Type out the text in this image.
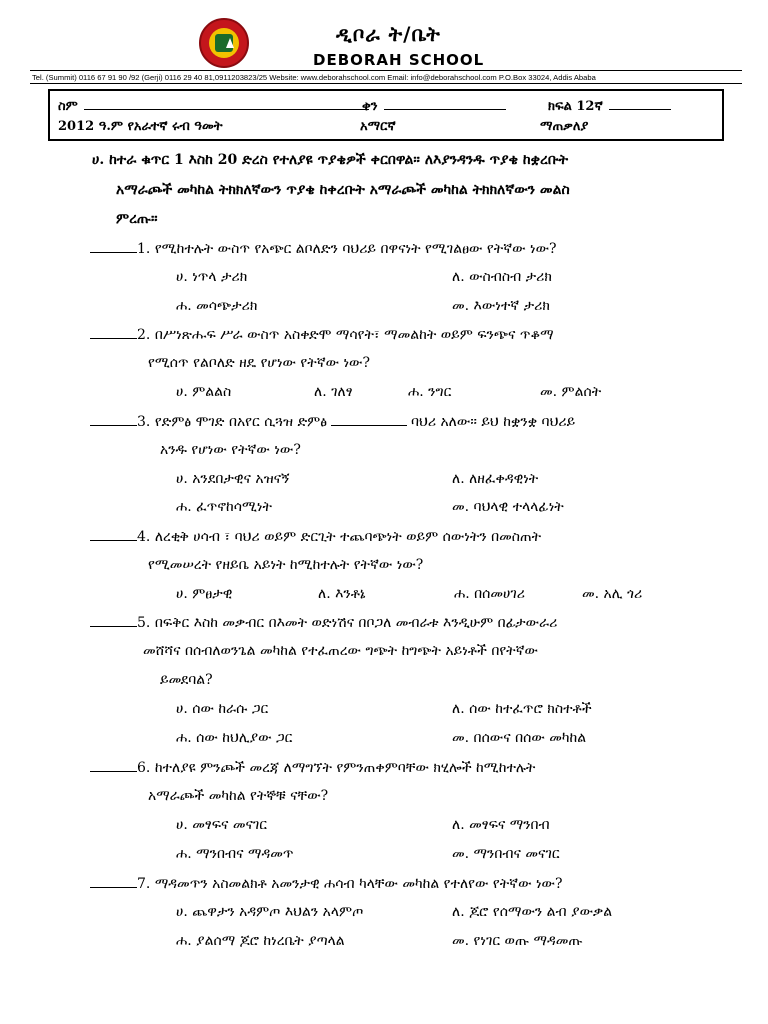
ዲቦራ ት/ቤት
DEBORAH SCHOOL
Tel. (Summit) 0116 67 91 90 /92 (Gerji) 0116 29 40 81,0911203823/25 Website: www.deborahschool.com Email: info@deborahschool.com P.O.Box 33024, Addis Ababa
ስም	ቀን	ክፍል 12ኛ
2012 ዓ.ም የአራተኛ ሩብ ዓመት	አማርኛ	ማጠቃለያ
ሀ. ከተራ ቁጥር 1 እስከ 20 ድረስ የተለያዩ ጥያቄዎች ቀርበዋል። ለእያንዳንዱ ጥያቄ ከቋረቡት
አማራጮች መካከል ትክክለኛውን ጥያቄ ከቀረቡት አማራጮች መካከል ትክክለኛውን መልስ
ምረጡ።
1. የሚከተሉት ውስጥ የአጭር ልቦለድን ባህሪይ በዋናነት የሚገልፀው የትኛው ነው?
ሀ. ነጥላ ታሪክ	ለ. ውስብስብ ታሪክ
ሐ. መሳጭታሪክ	መ. እውነተኛ ታሪክ
2. በሥነጽሑፍ ሥራ ውስጥ አስቀድሞ ማሳየት፣ ማመልከት ወይም ፍንጭና ጥቆማ
የሚሰጥ የልቦለድ ዘዴ የሆነው የትኛው ነው?
ሀ. ምልልስ	ለ. ገለፃ	ሐ. ንግር	መ. ምልሰት
3. የድምፅ ሞገድ በአየር ሲጓዝ ድምፅ	ባህሪ አለው። ይህ ከቋንቋ ባህሪይ
አንዱ የሆነው የትኛው ነው?
ሀ. አንደበታዊና አዝናኝ	ለ. ለዘፈቀዳዊነት
ሐ. ፈጥኖከሳሚነት	መ. ባህላዊ ተላላፊነት
4. ለረቂቅ ሀሳብ ፣ ባህሪ ወይም ድርጊት ተጨባጭነት ወይም ሰውነትን በመስጠት
የሚመሠረት የዘይቤ አይነት ከሚከተሉት የትኛው ነው?
ሀ. ምፀታዊ	ለ. እንቶኔ	ሐ. በሰመሀገሪ	መ. አሊ ጎሪ
5. በፍቅር እስከ መቃብር በእመት ወድነሽና በቦጋለ መብራቱ እንዲሁም በፊታውራሪ
መሸሻና በሰብለወንጌል መካከል የተፈጠረው ግጭት ከግጭት አይነቶች በየትኛው
ይመደባል?
ሀ. ሰው ከራሱ ጋር	ለ. ሰው ከተፈጥሮ ክስተቶች
ሐ. ሰው ከህሊያው ጋር	መ. በሰውና በሰው መካከል
6. ከተለያዩ ምንጮች መረጃ ለማግኘት የምንጠቀምባቸው ክሂሎች ከሚከተሉት
አማራጮች መካከል የትኞቹ ናቸው?
ሀ. መፃፍና መናገር	ለ. መፃፍና ማንበብ
ሐ. ማንበብና ማዳመጥ	መ. ማንበብና መናገር
7. ማዳመጥን አስመልክቶ አመንታዊ ሐሳብ ካላቸው መካከል የተለየው የትኛው ነው?
ሀ. ጨዋታን አዳምጦ እህልን አላምጦ	ለ. ጆሮ የሰማውን ልብ ያውቃል
ሐ. ያልሰማ ጆሮ ከነረቤት ያጣላል	መ. የነገር ወጡ ማዳመጡ
